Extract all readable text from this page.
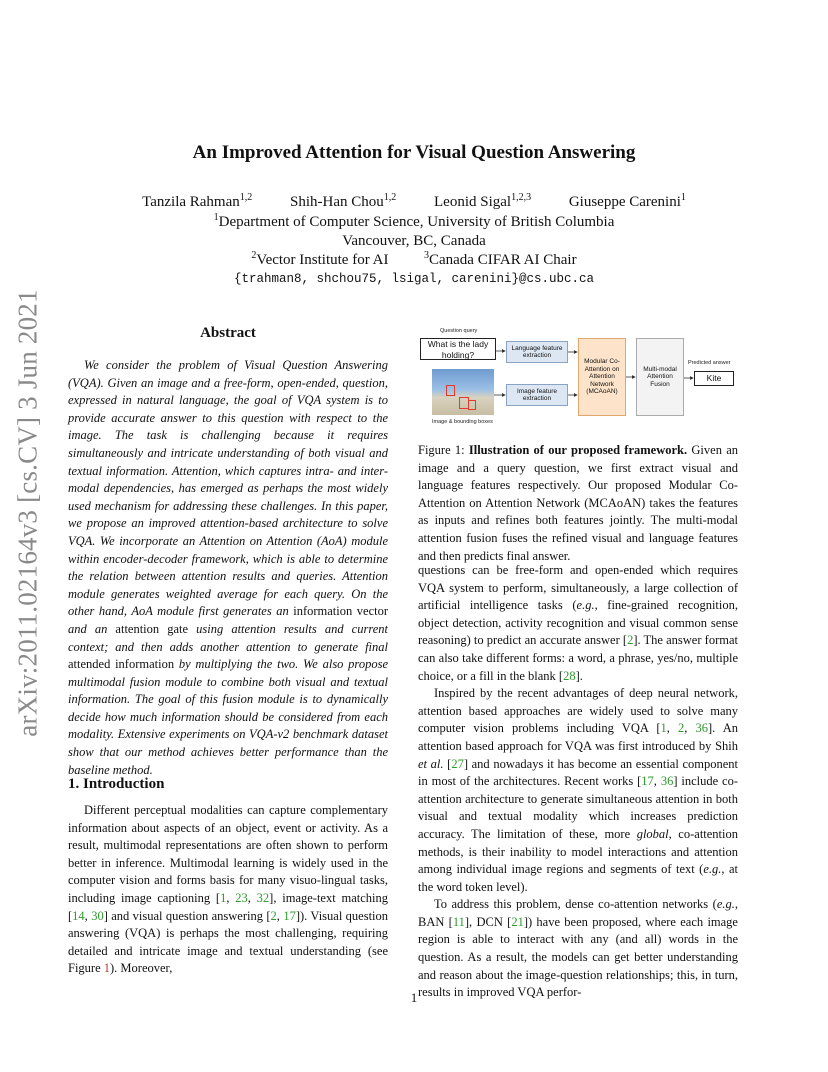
arXiv:2011.02164v3 [cs.CV] 3 Jun 2021
An Improved Attention for Visual Question Answering
Tanzila Rahman$^{1,2}$	Shih-Han Chou$^{1,2}$	Leonid Sigal$^{1,2,3}$	Giuseppe Carenini$^1$
$^1$Department of Computer Science, University of British Columbia
Vancouver, BC, Canada
$^2$Vector Institute for AI	$^3$Canada CIFAR AI Chair
{trahman8, shchou75, lsigal, carenini}@cs.ubc.ca
Abstract

We consider the problem of Visual Question Answering (VQA). Given an image and a free-form, open-ended, question, expressed in natural language, the goal of VQA system is to provide accurate answer to this question with respect to the image. The task is challenging because it requires simultaneously and intricate understanding of both visual and textual information. Attention, which captures intra- and inter-modal dependencies, has emerged as perhaps the most widely used mechanism for addressing these challenges. In this paper, we propose an improved attention-based architecture to solve VQA. We incorporate an Attention on Attention (AoA) module within encoder-decoder framework, which is able to determine the relation between attention results and queries. Attention module generates weighted average for each query. On the other hand, AoA module first generates an information vector and an attention gate using attention results and current context; and then adds another attention to generate final attended information by multiplying the two. We also propose multimodal fusion module to combine both visual and textual information. The goal of this fusion module is to dynamically decide how much information should be considered from each modality. Extensive experiments on VQA-v2 benchmark dataset show that our method achieves better performance than the baseline method.

1. Introduction

Different perceptual modalities can capture complementary information about aspects of an object, event or activity. As a result, multimodal representations are often shown to perform better in inference. Multimodal learning is widely used in the computer vision and forms basis for many visuo-lingual tasks, including image captioning [1, 23, 32], image-text matching [14, 30] and visual question answering [2, 17]). Visual question answering (VQA) is perhaps the most challenging, requiring detailed and intricate image and textual understanding (see Figure 1). Moreover,

Question query
What is the lady holding?
Language feature extraction
Image feature extraction
Modular Co-Attention on Attention Network (MCAoAN)
Multi-modal Attention Fusion
Predicted answer
Kite
Image & bounding boxes

Figure 1: Illustration of our proposed framework. Given an image and a query question, we first extract visual and language features respectively. Our proposed Modular Co-Attention on Attention Network (MCAoAN) takes the features as inputs and refines both features jointly. The multi-modal attention fusion fuses the refined visual and language features and then predicts final answer.

questions can be free-form and open-ended which requires VQA system to perform, simultaneously, a large collection of artificial intelligence tasks (e.g., fine-grained recognition, object detection, activity recognition and visual common sense reasoning) to predict an accurate answer [2]. The answer format can also take different forms: a word, a phrase, yes/no, multiple choice, or a fill in the blank [28].

Inspired by the recent advantages of deep neural network, attention based approaches are widely used to solve many computer vision problems including VQA [1, 2, 36]. An attention based approach for VQA was first introduced by Shih et al. [27] and nowadays it has become an essential component in most of the architectures. Recent works [17, 36] include co-attention architecture to generate simultaneous attention in both visual and textual modality which increases prediction accuracy. The limitation of these, more global, co-attention methods, is their inability to model interactions and attention among individual image regions and segments of text (e.g., at the word token level).

To address this problem, dense co-attention networks (e.g., BAN [11], DCN [21]) have been proposed, where each image region is able to interact with any (and all) words in the question. As a result, the models can get better understanding and reason about the image-question relationships; this, in turn, results in improved VQA perfor-

1
